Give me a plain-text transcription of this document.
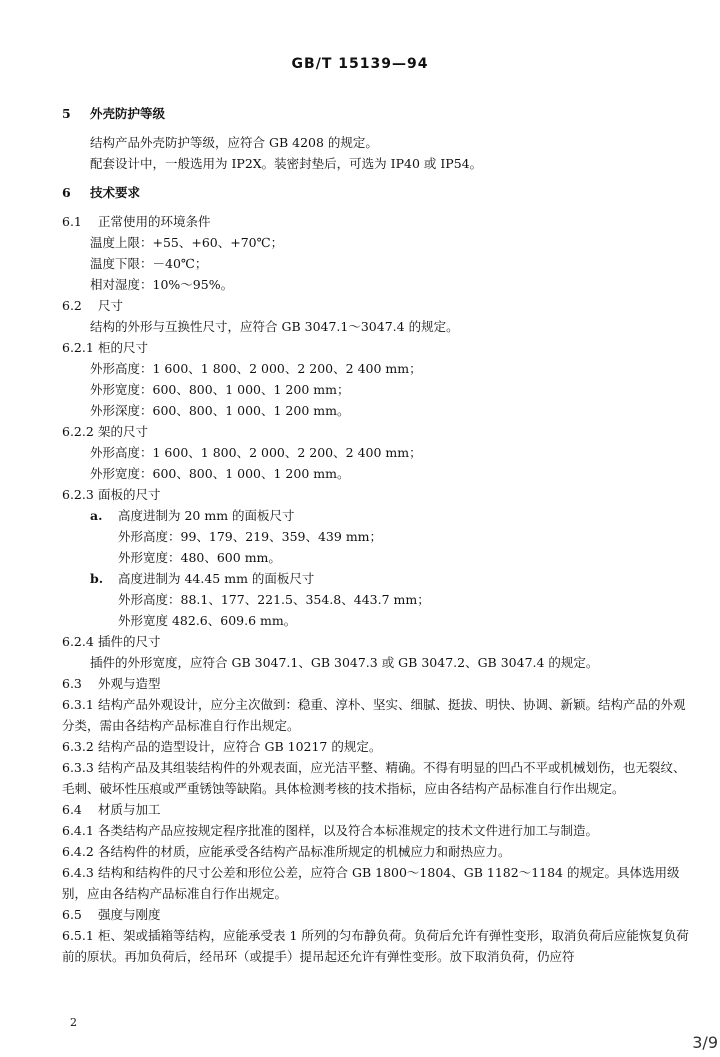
GB/T 15139—94
5 外壳防护等级
结构产品外壳防护等级，应符合 GB 4208 的规定。
配套设计中，一般选用为 IP2X。装密封垫后，可选为 IP40 或 IP54。
6 技术要求
6.1 正常使用的环境条件
温度上限：+55、+60、+70℃；
温度下限：－40℃；
相对湿度：10%～95%。
6.2 尺寸
结构的外形与互换性尺寸，应符合 GB 3047.1～3047.4 的规定。
6.2.1 柜的尺寸
外形高度：1 600、1 800、2 000、2 200、2 400 mm；
外形宽度：600、800、1 000、1 200 mm；
外形深度：600、800、1 000、1 200 mm。
6.2.2 架的尺寸
外形高度：1 600、1 800、2 000、2 200、2 400 mm；
外形宽度：600、800、1 000、1 200 mm。
6.2.3 面板的尺寸
a. 高度进制为 20 mm 的面板尺寸
外形高度：99、179、219、359、439 mm；
外形宽度：480、600 mm。
b. 高度进制为 44.45 mm 的面板尺寸
外形高度：88.1、177、221.5、354.8、443.7 mm；
外形宽度 482.6、609.6 mm。
6.2.4 插件的尺寸
插件的外形宽度，应符合 GB 3047.1、GB 3047.3 或 GB 3047.2、GB 3047.4 的规定。
6.3 外观与造型
6.3.1 结构产品外观设计，应分主次做到：稳重、淳朴、坚实、细腻、挺拔、明快、协调、新颖。结构产品的外观分类，需由各结构产品标准自行作出规定。
6.3.2 结构产品的造型设计，应符合 GB 10217 的规定。
6.3.3 结构产品及其组装结构件的外观表面，应光洁平整、精确。不得有明显的凹凸不平或机械划伤，也无裂纹、毛刺、破坏性压痕或严重锈蚀等缺陷。具体检测考核的技术指标，应由各结构产品标准自行作出规定。
6.4 材质与加工
6.4.1 各类结构产品应按规定程序批准的图样，以及符合本标准规定的技术文件进行加工与制造。
6.4.2 各结构件的材质，应能承受各结构产品标准所规定的机械应力和耐热应力。
6.4.3 结构和结构件的尺寸公差和形位公差，应符合 GB 1800～1804、GB 1182～1184 的规定。具体选用级别，应由各结构产品标准自行作出规定。
6.5 强度与刚度
6.5.1 柜、架或插箱等结构，应能承受表 1 所列的匀布静负荷。负荷后允许有弹性变形，取消负荷后应能恢复负荷前的原状。再加负荷后，经吊环（或提手）提吊起还允许有弹性变形。放下取消负荷，仍应符
2
3/9
